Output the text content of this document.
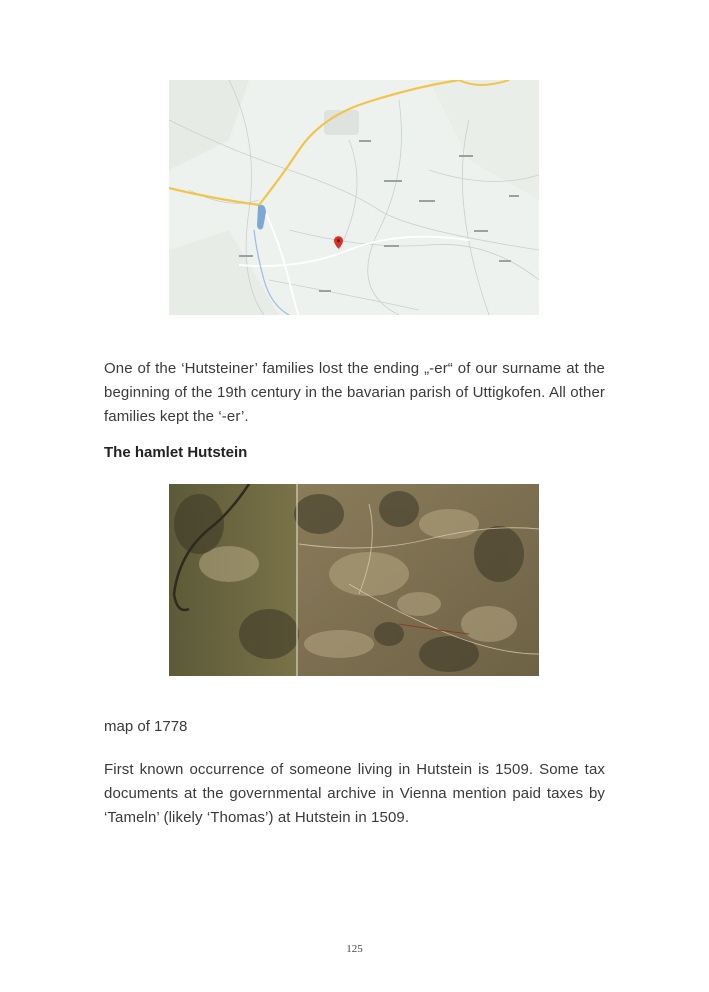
One of the ‘Hutsteiner’ families lost the ending „-er“ of our surname at the beginning of the 19th century in the bavarian parish of Uttigkofen. All other families kept the ‘-er’.

The hamlet Hutstein

map of 1778

First known occurrence of someone living in Hutstein is 1509. Some tax documents at the governmental archive in Vienna mention paid taxes by ‘Tameln’ (likely ‘Thomas’) at Hutstein in 1509.

125
